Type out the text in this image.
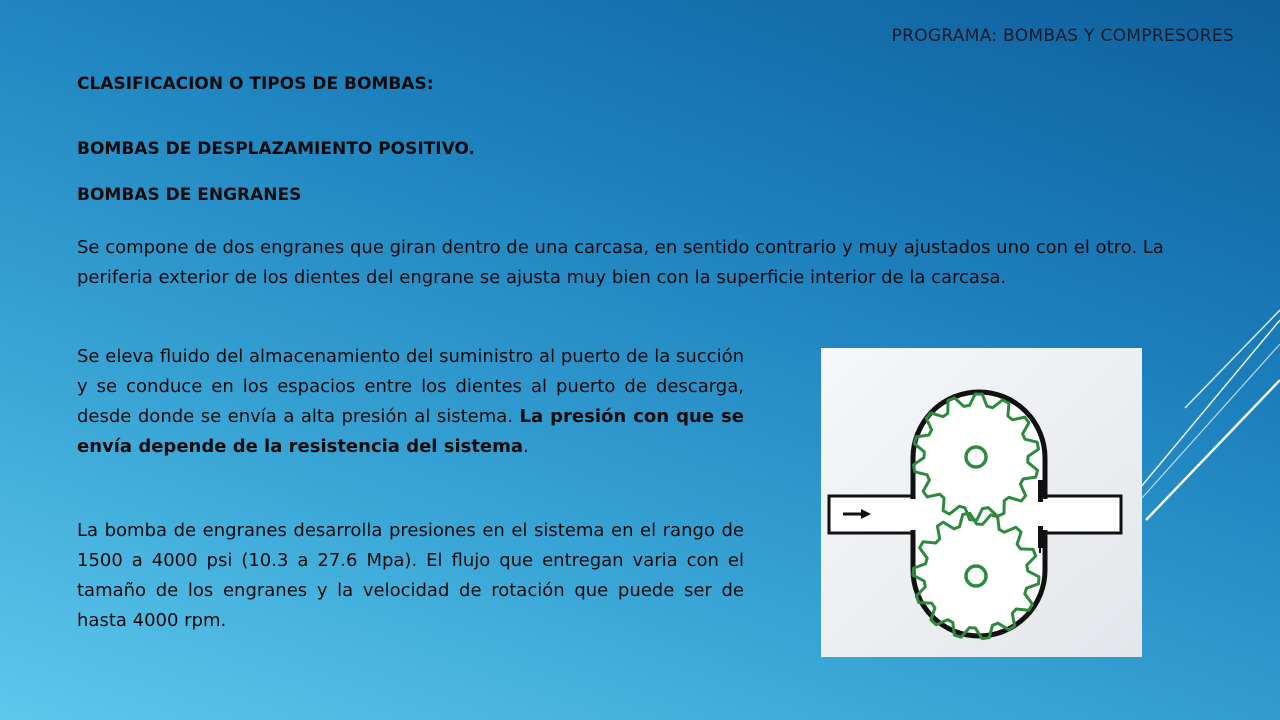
PROGRAMA: BOMBAS Y COMPRESORES
CLASIFICACION O TIPOS DE BOMBAS:
BOMBAS DE DESPLAZAMIENTO POSITIVO.
BOMBAS DE ENGRANES
Se compone de dos engranes que giran dentro de una carcasa, en sentido contrario y muy ajustados uno con el otro. La periferia exterior de los dientes del engrane se ajusta muy bien con la superficie interior de la carcasa.
Se eleva fluido del almacenamiento del suministro al puerto de la succión y se conduce en los espacios entre los dientes al puerto de descarga, desde donde se envía a alta presión al sistema. La presión con que se envía depende de la resistencia del sistema.
La bomba de engranes desarrolla presiones en el sistema en el rango de 1500 a 4000 psi (10.3 a 27.6 Mpa). El flujo que entregan varia con el tamaño de los engranes y la velocidad de rotación que puede ser de hasta 4000 rpm.
